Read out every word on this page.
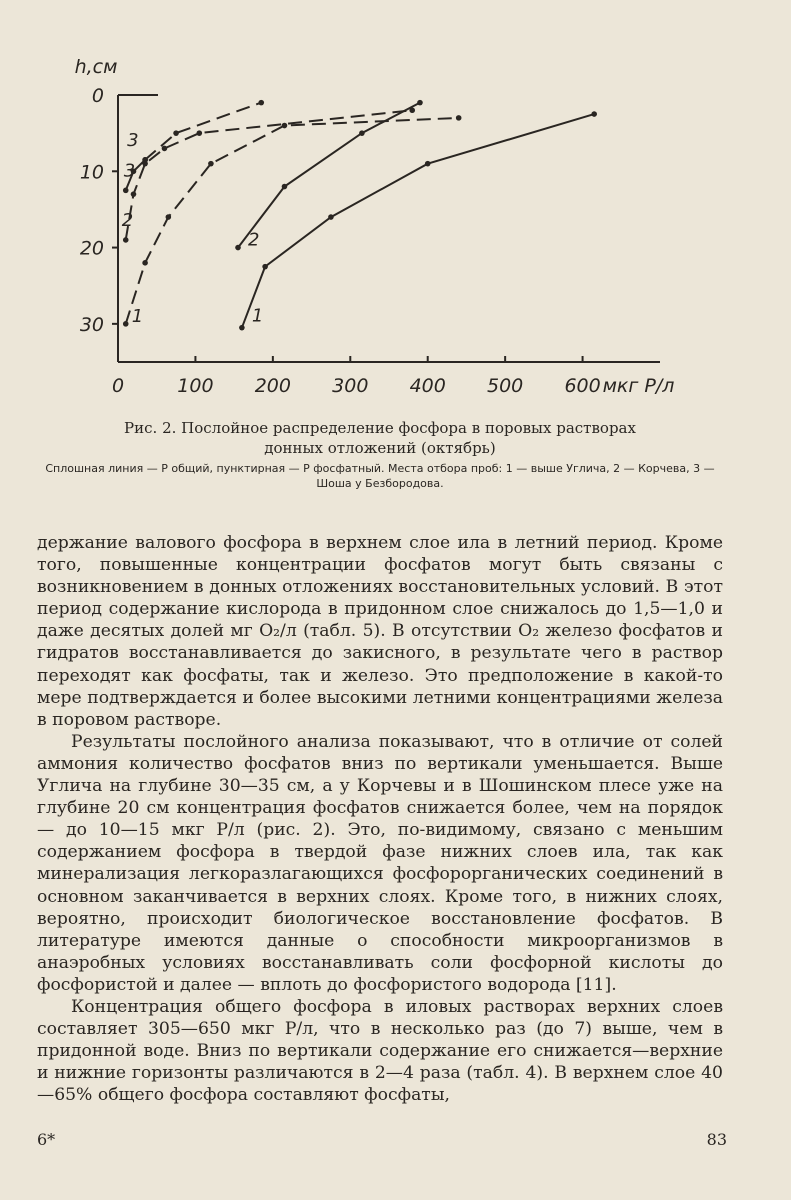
0	100 200 300 400 500 600 мкг Р/л
0
10
20
30
h,см
1
2
3
1
2
3
Рис. 2. Послойное распределение фосфора в поровых растворах донных отложений (октябрь)
Сплошная линия — Р общий, пунктирная — Р фосфатный. Места отбора проб: 1 — выше Углича, 2 — Корчева, 3 — Шоша у Безбородова.

держание валового фосфора в верхнем слое ила в летний период. Кроме того, повышенные концентрации фосфатов могут быть связаны с возникновением в донных отложениях восстановительных условий. В этот период содержание кислорода в придонном слое снижалось до 1,5—1,0 и даже десятых долей мг О₂/л (табл. 5). В отсутствии О₂ железо фосфатов и гидратов восстанавливается до закисного, в результате чего в раствор переходят как фосфаты, так и железо. Это предположение в какой-то мере подтверждается и более высокими летними концентрациями железа в поровом растворе.

Результаты послойного анализа показывают, что в отличие от солей аммония количество фосфатов вниз по вертикали уменьшается. Выше Углича на глубине 30—35 см, а у Корчевы и в Шошинском плесе уже на глубине 20 см концентрация фосфатов снижается более, чем на порядок — до 10—15 мкг Р/л (рис. 2). Это, по-видимому, связано с меньшим содержанием фосфора в твердой фазе нижних слоев ила, так как минерализация легкоразлагающихся фосфорорганических соединений в основном заканчивается в верхних слоях. Кроме того, в нижних слоях, вероятно, происходит биологическое восстановление фосфатов. В литературе имеются данные о способности микроорганизмов в анаэробных условиях восстанавливать соли фосфорной кислоты до фосфористой и далее — вплоть до фосфористого водорода [11].

Концентрация общего фосфора в иловых растворах верхних слоев составляет 305—650 мкг Р/л, что в несколько раз (до 7) выше, чем в придонной воде. Вниз по вертикали содержание его снижается—верхние и нижние горизонты различаются в 2—4 раза (табл. 4). В верхнем слое 40—65% общего фосфора составляют фосфаты,

6*	83
